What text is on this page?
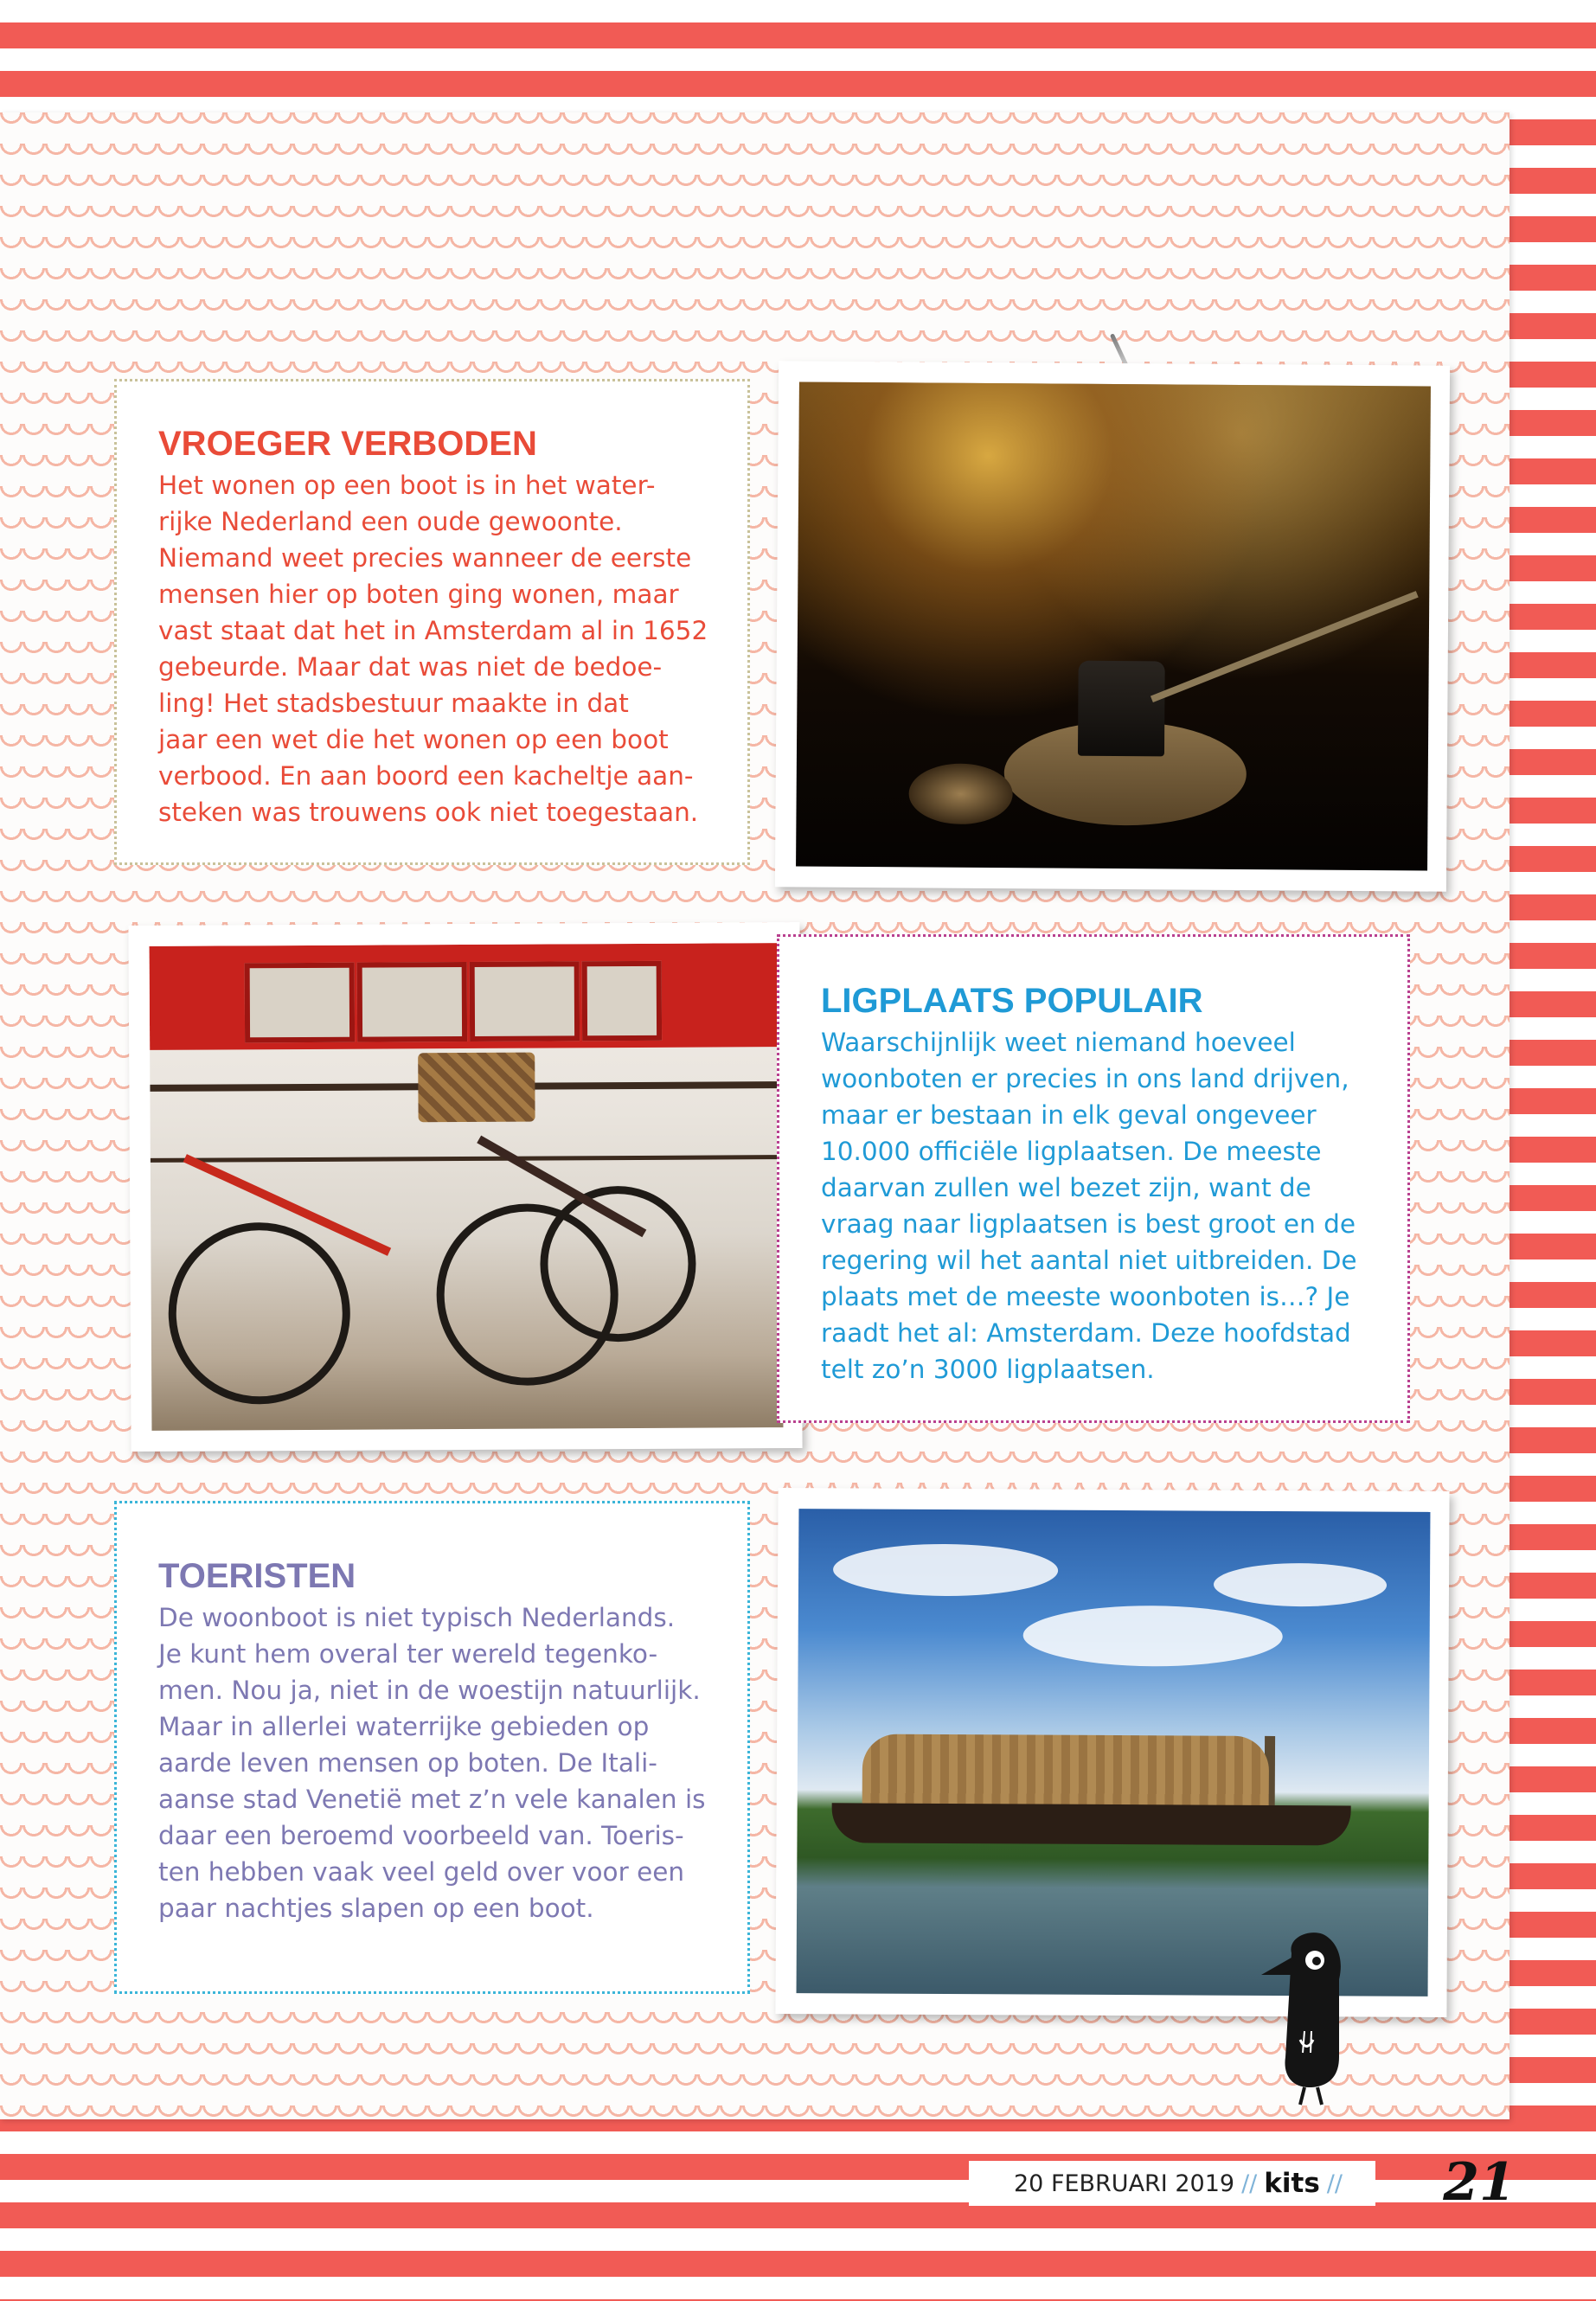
VROEGER VERBODEN

Het wonen op een boot is in het water-
rijke Nederland een oude gewoonte.
Niemand weet precies wanneer de eerste
mensen hier op boten ging wonen, maar
vast staat dat het in Amsterdam al in 1652
gebeurde. Maar dat was niet de bedoe-
ling! Het stadsbestuur maakte in dat
jaar een wet die het wonen op een boot
verbood. En aan boord een kacheltje aan-
steken was trouwens ook niet toegestaan.

LIGPLAATS POPULAIR

Waarschijnlijk weet niemand hoeveel
woonboten er precies in ons land drijven,
maar er bestaan in elk geval ongeveer
10.000 officiële ligplaatsen. De meeste
daarvan zullen wel bezet zijn, want de
vraag naar ligplaatsen is best groot en de
regering wil het aantal niet uitbreiden. De
plaats met de meeste woonboten is…? Je
raadt het al: Amsterdam. Deze hoofdstad
telt zo’n 3000 ligplaatsen.

TOERISTEN

De woonboot is niet typisch Nederlands.
Je kunt hem overal ter wereld tegenko-
men. Nou ja, niet in de woestijn natuurlijk.
Maar in allerlei waterrijke gebieden op
aarde leven mensen op boten. De Itali-
aanse stad Venetië met z’n vele kanalen is
daar een beroemd voorbeeld van. Toeris-
ten hebben vaak veel geld over voor een
paar nachtjes slapen op een boot.

20 FEBRUARI 2019 // kits // 21
